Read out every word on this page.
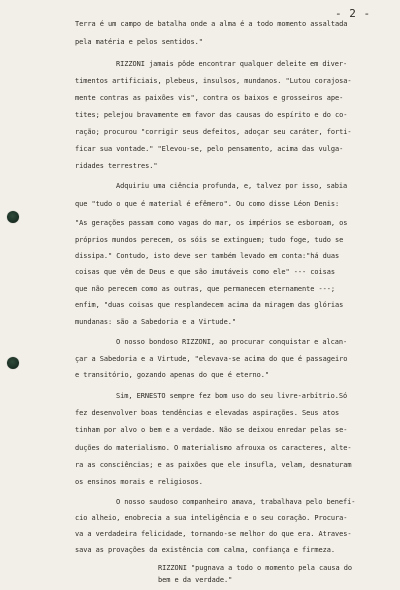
- 2 -
Terra é um campo de batalha onde a alma é a todo momento assaltada
pela matéria e pelos sentidos."
RIZZONI jamais pôde encontrar qualquer deleite em diver-
timentos artificiais, plebeus, insulsos, mundanos. "Lutou corajosa-
mente contras as paixões vis", contra os baixos e grosseiros ape-
tites; pelejou bravamente em favor das causas do espírito e do co-
ração; procurou "corrigir seus defeitos, adoçar seu caráter, forti-
ficar sua vontade." "Elevou-se, pelo pensamento, acima das vulga-
ridades terrestres."
Adquiriu uma ciência profunda, e, talvez por isso, sabia
que "tudo o que é material é efêmero". Ou como disse Léon Denis:
"As gerações passam como vagas do mar, os impérios se esboroam, os
próprios mundos perecem, os sóis se extinguem; tudo foge, tudo se
dissipa." Contudo, isto deve ser também levado em conta:"há duas
coisas que vêm de Deus e que são imutáveis como ele" --- coisas
que não perecem como as outras, que permanecem eternamente ---;
enfim, "duas coisas que resplandecem acima da miragem das glórias
mundanas: são a Sabedoria e a Virtude."
O nosso bondoso RIZZONI, ao procurar conquistar e alcan-
çar a Sabedoria e a Virtude, "elevava-se acima do que é passageiro
e transitório, gozando apenas do que é eterno."
Sim, ERNESTO sempre fez bom uso do seu livre-arbítrio.Só
fez desenvolver boas tendências e elevadas aspirações. Seus atos
tinham por alvo o bem e a verdade. Não se deixou enredar pelas se-
duções do materialismo. O materialismo afrouxa os caracteres, alte-
ra as consciências; e as paixões que ele insufla, velam, desnaturam
os ensinos morais e religiosos.
O nosso saudoso companheiro amava, trabalhava pelo benefí-
cio alheio, enobrecia a sua inteligência e o seu coração. Procura-
va a verdadeira felicidade, tornando-se melhor do que era. Atraves-
sava as provações da existência com calma, confiança e firmeza.
RIZZONI "pugnava a todo o momento pela causa do
bem e da verdade."
